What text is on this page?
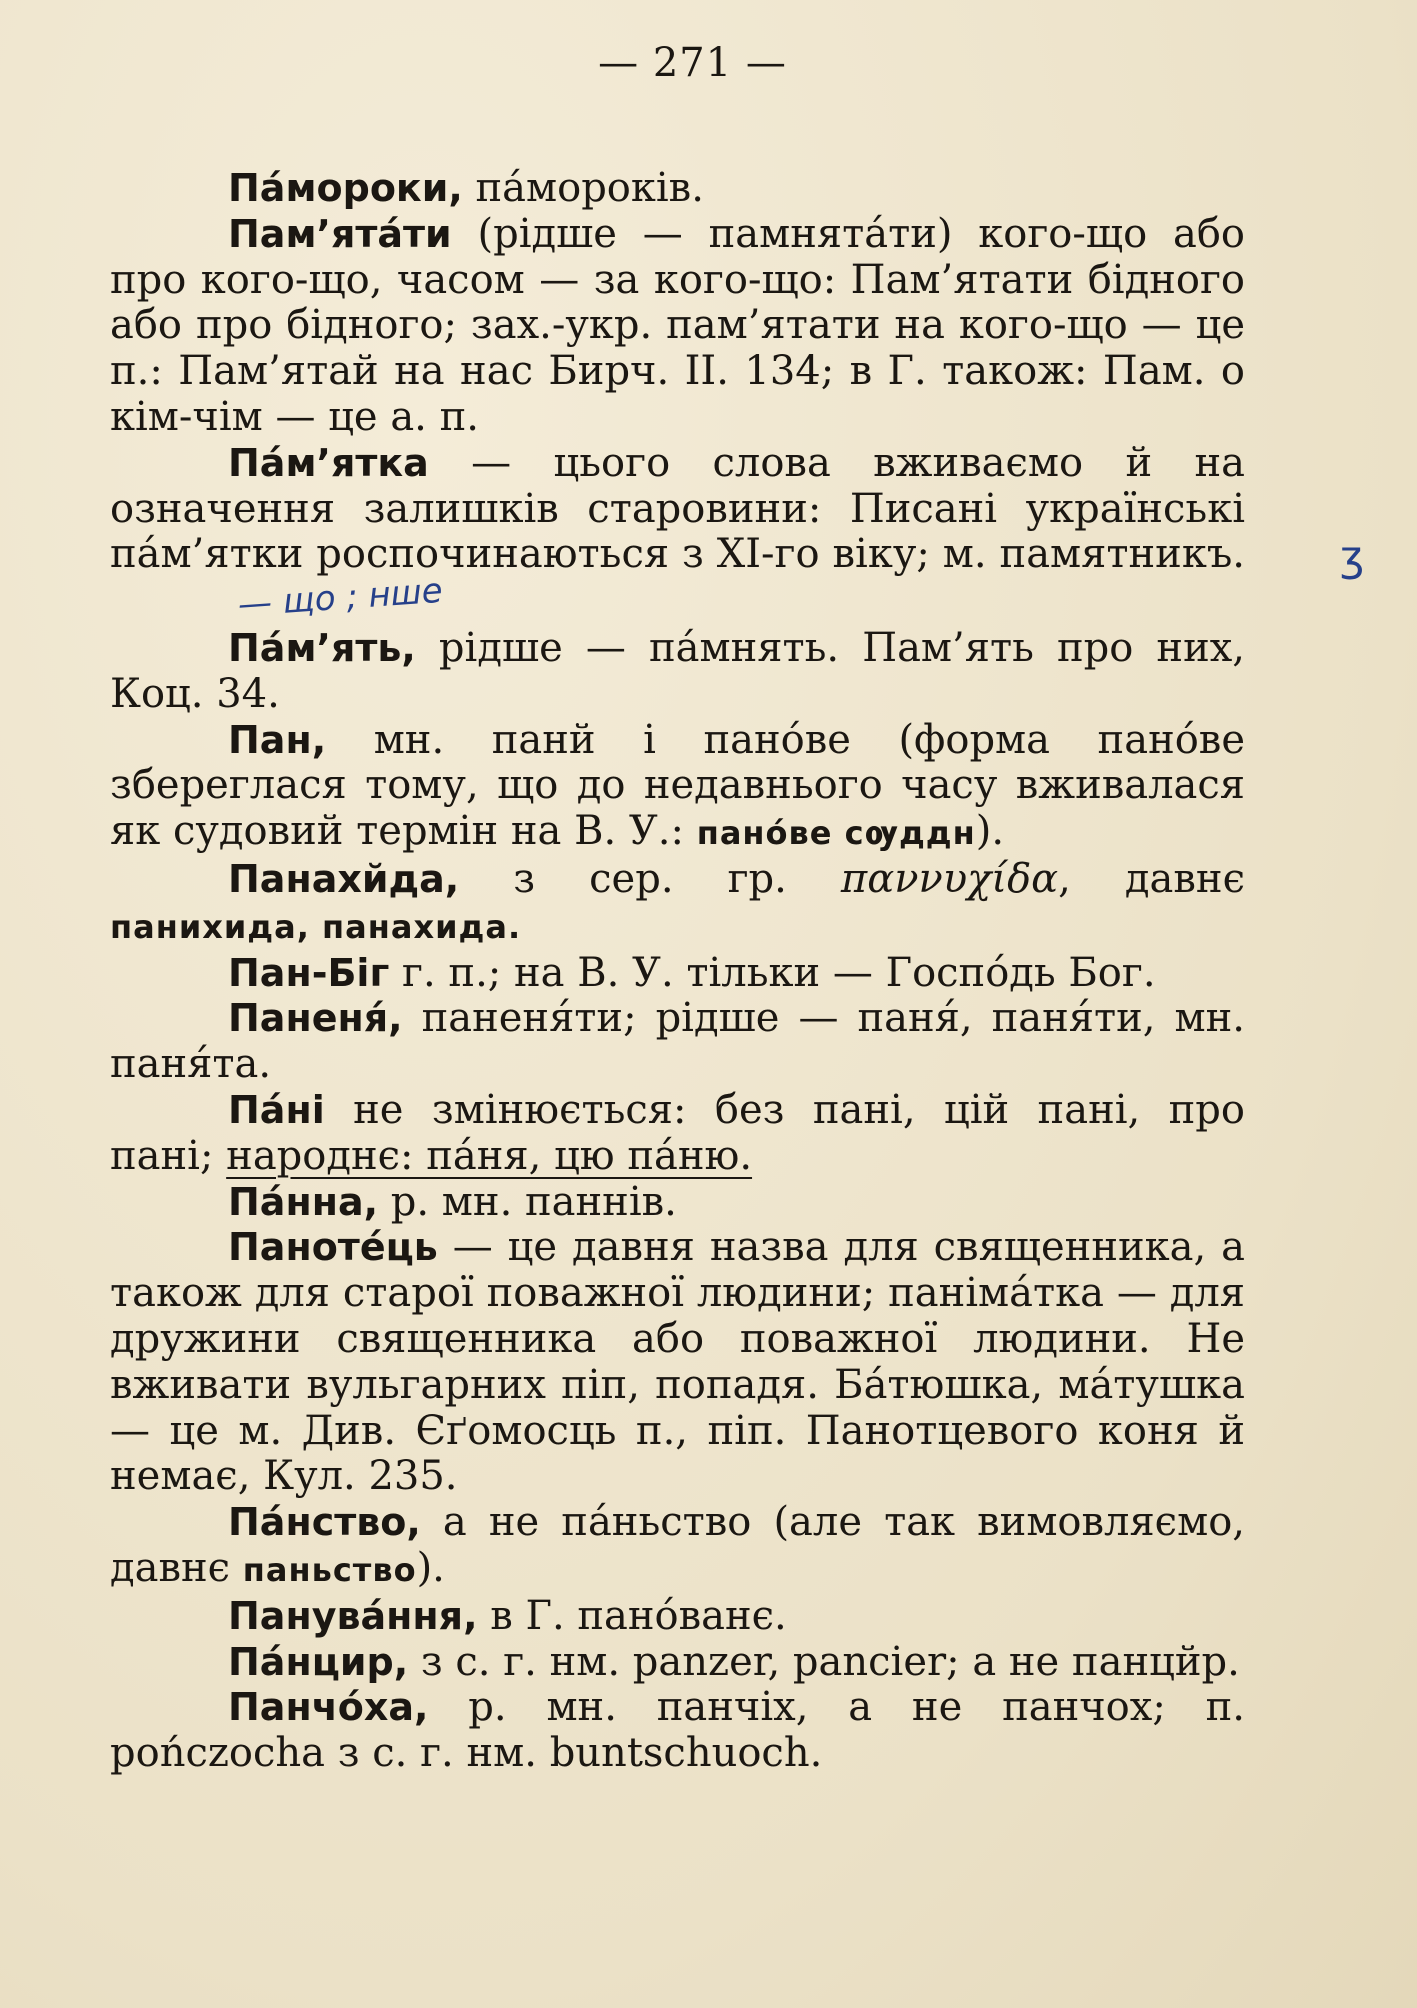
— 271 —

Пáмороки, пáмороків.

Пам’ятáти (рідше — памнятáти) кого-що або про кого-що, часом — за кого-що: Пам’ятати бідного або про бідного; зах.-укр. пам’ятати на кого-що — це п.: Пам’ятай на нас Бирч. II. 134; в Г. також: Пам. о кім-чім — це а. п.

Пáм’ятка — цього слова вживаємо й на означення залишків старовини: Писані українські пáм’ятки роспочинаються з XI-го віку; м. памятникъ.— що ; нше

Пáм’ять, рідше — пáмнять. Пам’ять про них, Коц. 34.

Пан, мн. панй і панóве (форма панóве збереглася тому, що до недавнього часу вживалася як судовий термін на В. У.: панóве сѹддн).

Панахйда, з сер. гр. παννυχίδα, давнє панихида, панахида.

Пан-Біг г. п.; на В. У. тільки — Госпóдь Бог.

Паненя́, паненя́ти; рідше — паня́, паня́ти, мн. паня́та.

Пáні не змінюється: без пані, цій пані, про пані; народнє: пáня, цю пáню.

Пáнна, р. мн. паннів.

Панотéць — це давня назва для священника, а також для старої поважної людини; панімáтка — для дружини священника або поважної людини. Не вживати вульгарних піп, попадя. Бáтюшка, мáтушка — це м. Див. Єґомосць п., піп. Панотцевого коня й немає, Кул. 235.

Пáнство, а не пáньство (але так вимовляємо, давнє паньство).

Панувáння, в Г. панóванє.

Пáнцир, з с. г. нм. panzer, pancier; а не панцйр.

Панчóха, р. мн. панчіх, а не панчох; п. pończocha з с. г. нм. buntschuoch.

ʒ
